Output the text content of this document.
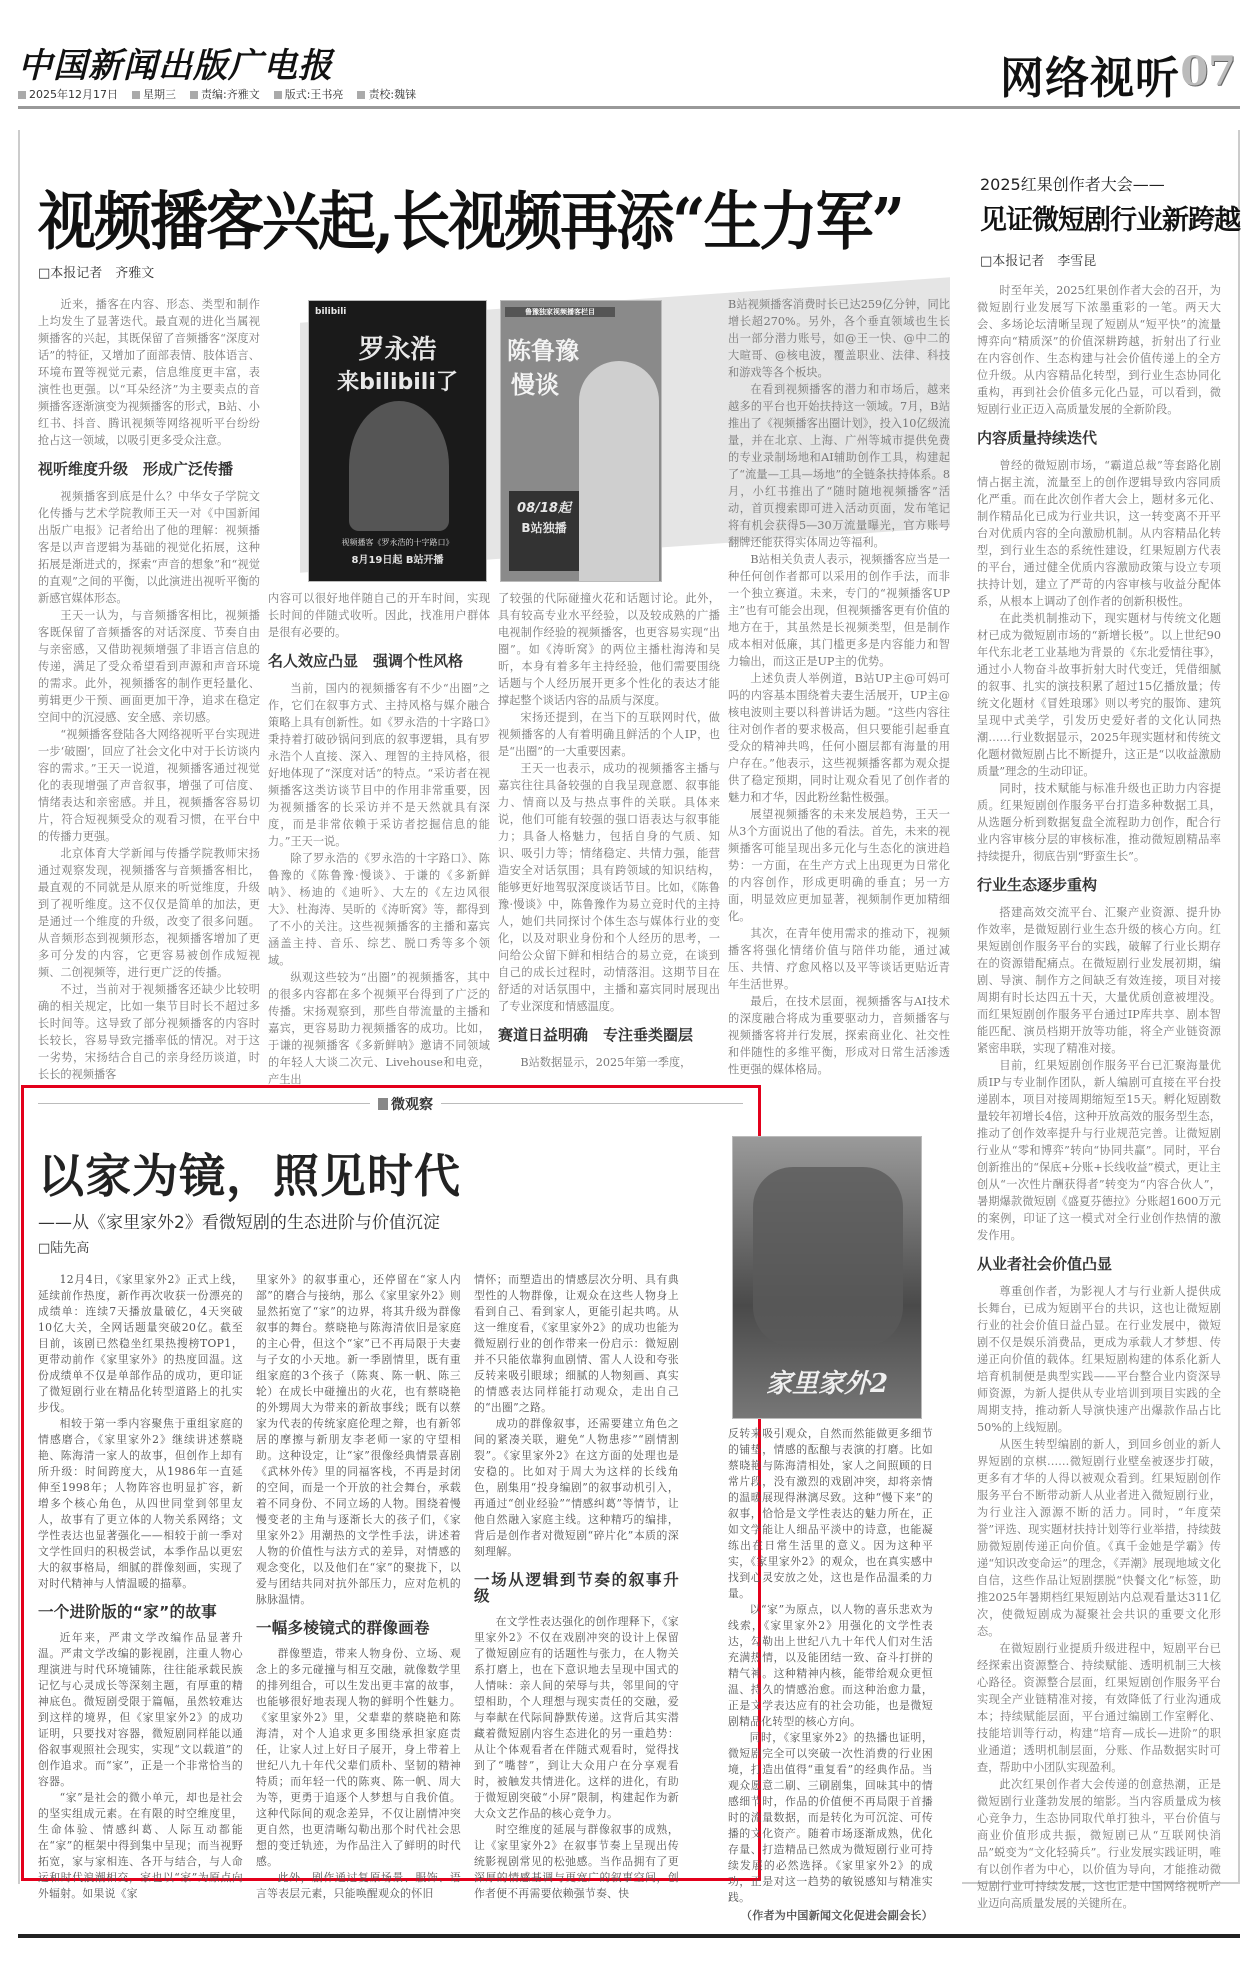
中国新闻出版广电报
2025年12月17日	星期三	责编:齐雅文	版式:王书亮	责校:魏铼	网络视听 07
视频播客兴起,长视频再添“生力军”
□ 本报记者　齐雅文
bilibili
罗永浩
来bilibili了
视频播客《罗永浩的十字路口》
8月19日起 B站开播
鲁豫独家视频播客栏目
陈鲁豫
慢谈
08/18起
B站独播

近来，播客在内容、形态、类型和制作上均发生了显著迭代。最直观的进化当属视频播客的兴起，其既保留了音频播客“深度对话”的特征，又增加了面部表情、肢体语言、环境布置等视觉元素，信息维度更丰富，表演性也更强。以“耳朵经济”为主要卖点的音频播客逐渐演变为视频播客的形式，B站、小红书、抖音、腾讯视频等网络视听平台纷纷抢占这一领域，以吸引更多受众注意。

视听维度升级　形成广泛传播

视频播客到底是什么？中华女子学院文化传播与艺术学院教师王天一对《中国新闻出版广电报》记者给出了他的理解：视频播客是以声音逻辑为基础的视觉化拓展，这种拓展是渐进式的，探索“声音的想象”和“视觉的直观”之间的平衡，以此演进出视听平衡的新感官媒体形态。

王天一认为，与音频播客相比，视频播客既保留了音频播客的对话深度、节奏自由与亲密感，又借助视频增强了非语言信息的传递，满足了受众希望看到声源和声音环境的需求。此外，视频播客的制作更轻量化、剪辑更少干预、画面更加干净，追求在稳定空间中的沉浸感、安全感、亲切感。

“视频播客登陆各大网络视听平台实现进一步‘破圈’，回应了社会文化中对于长访谈内容的需求。”王天一说道，视频播客通过视觉化的表现增强了声音叙事，增强了可信度、情绪表达和亲密感。并且，视频播客容易切片，符合短视频受众的观看习惯，在平台中的传播力更强。

北京体育大学新闻与传播学院教师宋扬通过观察发现，视频播客与音频播客相比，最直观的不同就是从原来的听觉维度，升级到了视听维度。这不仅仅是简单的加法，更是通过一个维度的升级，改变了很多问题。从音频形态到视频形态，视频播客增加了更多可分发的内容，它更容易被创作成短视频、二创视频等，进行更广泛的传播。

不过，当前对于视频播客还缺少比较明确的相关规定，比如一集节目时长不超过多长时间等。这导致了部分视频播客的内容时长较长，容易导致完播率低的情况。对于这一劣势，宋扬结合自己的亲身经历谈道，时长长的视频播客

内容可以很好地伴随自己的开车时间，实现长时间的伴随式收听。因此，找准用户群体是很有必要的。

名人效应凸显　强调个性风格

当前，国内的视频播客有不少“出圈”之作，它们在叙事方式、主持风格与媒介融合策略上具有创新性。如《罗永浩的十字路口》秉持着打破砂锅问到底的叙事逻辑，具有罗永浩个人直接、深入、理智的主持风格，很好地体现了“深度对话”的特点。“采访者在视频播客这类访谈节目中的作用非常重要，因为视频播客的长采访并不是天然就具有深度，而是非常依赖于采访者挖掘信息的能力。”王天一说。

除了罗永浩的《罗永浩的十字路口》、陈鲁豫的《陈鲁豫·慢谈》、于谦的《多新鲜呐》、杨迪的《迪听》、大左的《左边风很大》、杜海涛、吴昕的《涛昕窝》等，都得到了不小的关注。这些视频播客的主播和嘉宾涵盖主持、音乐、综艺、脱口秀等多个领域。

纵观这些较为“出圈”的视频播客，其中的很多内容都在多个视频平台得到了广泛的传播。宋扬观察到，那些自带流量的主播和嘉宾，更容易助力视频播客的成功。比如，于谦的视频播客《多新鲜呐》邀请不同领域的年轻人大谈二次元、Livehouse和电竞，产生出

了较强的代际碰撞火花和话题讨论。此外，具有较高专业水平经验，以及较成熟的广播电视制作经验的视频播客，也更容易实现“出圈”。如《涛昕窝》的两位主播杜海涛和吴昕，本身有着多年主持经验，他们需要围绕话题与个人经历展开更多个性化的表达才能撑起整个谈话内容的品质与深度。

宋扬还提到，在当下的互联网时代，做视频播客的人有着明确且鲜活的个人IP，也是“出圈”的一大重要因素。

王天一也表示，成功的视频播客主播与嘉宾往往具备较强的自我呈现意愿、叙事能力、情商以及与热点事件的关联。具体来说，他们可能有较强的强口语表达与叙事能力；具备人格魅力，包括自身的气质、知识、吸引力等；情绪稳定、共情力强，能营造安全对话氛围；具有跨领域的知识结构，能够更好地驾驭深度谈话节目。比如，《陈鲁豫·慢谈》中，陈鲁豫作为易立竞时代的主持人，她们共同探讨个体生态与媒体行业的变化，以及对职业身份和个人经历的思考，一问给公众留下鲜和相结合的易立竞，在谈到自己的成长过程时，动情落泪。这期节目在舒适的对话氛围中，主播和嘉宾同时展现出了专业深度和情感温度。

赛道日益明确　专注垂类圈层

B站数据显示，2025年第一季度，

B站视频播客消费时长已达259亿分钟，同比增长超270%。另外，各个垂直领域也生长出一部分潜力账号，如@王一快、@中二的大暄哥、@核电波，覆盖职业、法律、科技和游戏等各个板块。

在看到视频播客的潜力和市场后，越来越多的平台也开始扶持这一领域。7月，B站推出了《视频播客出圈计划》，投入10亿级流量，并在北京、上海、广州等城市提供免费的专业录制场地和AI辅助创作工具，构建起了“流量—工具—场地”的全链条扶持体系。8月，小红书推出了“随时随地视频播客”活动，首页搜索即可进入活动页面，发布笔记将有机会获得5—30万流量曝光，官方账号翻牌还能获得实体周边等福利。

B站相关负责人表示，视频播客应当是一种任何创作者都可以采用的创作手法，而非一个独立赛道。未来，专门的“视频播客UP主”也有可能会出现，但视频播客更有价值的地方在于，其虽然是长视频类型，但是制作成本相对低廉，其门槛更多是内容能力和智力输出，而这正是UP主的优势。

上述负责人举例道，B站UP主@可妈可吗的内容基本围绕着夫妻生活展开，UP主@核电波则主要以科普讲话为题。“这些内容往往对创作者的要求极高，但只要能引起垂直受众的精神共鸣，任何小圈层都有海量的用户存在。”他表示，这些视频播客都为观众提供了稳定预期，同时让观众看见了创作者的魅力和才华，因此粉丝黏性极强。

展望视频播客的未来发展趋势，王天一从3个方面说出了他的看法。首先，未来的视频播客可能呈现出多元化与生态化的演进趋势：一方面，在生产方式上出现更为日常化的内容创作，形成更明确的垂直；另一方面，明显效应更加显著，视频制作更加精细化。

其次，在青年使用需求的推动下，视频播客将强化情绪价值与陪伴功能，通过减压、共情、疗愈风格以及平等谈话更贴近青年生活世界。

最后，在技术层面，视频播客与AI技术的深度融合将成为重要驱动力，音频播客与视频播客将并行发展，探索商业化、社交性和伴随性的多维平衡，形成对日常生活渗透性更强的媒体格局。

2025红果创作者大会——
见证微短剧行业新跨越
□ 本报记者　李雪昆

时至年关，2025红果创作者大会的召开，为微短剧行业发展写下浓墨重彩的一笔。两天大会、多场论坛清晰呈现了短剧从“短平快”的流量博弈向“精质深”的价值深耕跨越，折射出了行业在内容创作、生态构建与社会价值传递上的全方位升级。从内容精品化转型，到行业生态协同化重构，再到社会价值多元化凸显，可以看到，微短剧行业正迈入高质量发展的全新阶段。

内容质量持续迭代

曾经的微短剧市场，“霸道总裁”等套路化剧情占据主流，流量至上的创作逻辑导致内容同质化严重。而在此次创作者大会上，题材多元化、制作精品化已成为行业共识，这一转变离不开平台对优质内容的全向激励机制。从内容精品化转型，到行业生态的系统性建设，红果短剧方代表的平台，通过健全优质内容激励政策与设立专项扶持计划，建立了严苛的内容审核与收益分配体系，从根本上调动了创作者的创新积极性。

在此类机制推动下，现实题材与传统文化题材已成为微短剧市场的“新增长极”。以上世纪90年代东北老工业基地为背景的《东北爱情往事》，通过小人物奋斗故事折射大时代变迁，凭借细腻的叙事、扎实的演技积累了超过15亿播放量；传统文化题材《冒姓琅琊》则以考究的服饰、建筑呈现中式美学，引发历史爱好者的文化认同热潮……行业数据显示，2025年现实题材和传统文化题材微短剧占比不断提升，这正是“以收益激励质量”理念的生动印证。

同时，技术赋能与标准升级也正助力内容提质。红果短剧创作服务平台打造多种数据工具，从选题分析到数据复盘全流程助力创作，配合行业内容审核分层的审核标准，推动微短剧精品率持续提升，彻底告别“野蛮生长”。

行业生态逐步重构

搭建高效交流平台、汇聚产业资源、提升协作效率，是微短剧行业生态升级的核心方向。红果短剧创作服务平台的实践，破解了行业长期存在的资源错配痛点。在微短剧行业发展初期，编剧、导演、制作方之间缺乏有效连接，项目对接周期有时长达四五十天，大量优质创意被埋没。而红果短剧创作服务平台通过IP库共享、剧本智能匹配、演员档期开放等功能，将全产业链资源紧密串联，实现了精准对接。

目前，红果短剧创作服务平台已汇聚海量优质IP与专业制作团队，新人编剧可直接在平台投递剧本，项目对接周期缩短至15天。孵化短剧数量较年初增长4倍，这种开放高效的服务型生态，推动了创作效率提升与行业规范完善。让微短剧行业从“零和博弈”转向“协同共赢”。同时，平台创新推出的“保底+分账+长线收益”模式，更让主创从“一次性片酬获得者”转变为“内容合伙人”，暑期爆款微短剧《盛夏芬德拉》分账超1600万元的案例，印证了这一模式对全行业创作热情的激发作用。

从业者社会价值凸显

尊重创作者，为影视人才与行业新人提供成长舞台，已成为短剧平台的共识，这也让微短剧行业的社会价值日益凸显。在行业发展中，微短剧不仅是娱乐消费品，更成为承载人才梦想、传递正向价值的载体。红果短剧构建的体系化新人培育机制便是典型实践——平台整合业内资深导师资源，为新人提供从专业培训到项目实践的全周期支持，推动新人导演快速产出爆款作品占比50%的上线短剧。

从医生转型编剧的新人，到回乡创业的新人界短剧的京棋……微短剧行业壁垒被逐步打破，更多有才华的人得以被观众看到。红果短剧创作服务平台不断带动新人从业者进入微短剧行业，为行业注入源源不断的活力。同时，“年度荣誉”评选、现实题材扶持计划等行业举措，持续鼓励微短剧传递正向价值。《真千金她是学霸》传递“知识改变命运”的理念，《弄潮》展现地域文化自信，这些作品让短剧摆脱“快餐文化”标签，助推2025年暑期档红果短剧站内总观看量达311亿次，使微短剧成为凝聚社会共识的重要文化形态。

在微短剧行业提质升级进程中，短剧平台已经探索出资源整合、持续赋能、透明机制三大核心路径。资源整合层面，红果短剧创作服务平台实现全产业链精准对接，有效降低了行业沟通成本；持续赋能层面，平台通过编剧工作室孵化、技能培训等行动，构建“培育—成长—进阶”的职业通道；透明机制层面，分账、作品数据实时可查，帮助中小团队实现盈利。

此次红果创作者大会传递的创意热潮，正是微短剧行业蓬勃发展的缩影。当内容质量成为核心竞争力，生态协同取代单打独斗，平台价值与商业价值形成共振，微短剧已从“互联网快消品”蜕变为“文化轻骑兵”。行业发展实践证明，唯有以创作者为中心，以价值为导向，才能推动微短剧行业可持续发展，这也正是中国网络视听产业迈向高质量发展的关键所在。

微观察
以家为镜，照见时代
——从《家里家外2》看微短剧的生态进阶与价值沉淀
□ 陆先高
家里家外2

12月4日，《家里家外2》正式上线，延续前作热度，新作再次收获一份漂亮的成绩单：连续7天播放量破亿，4天突破10亿大关，全网话题量突破20亿。截至目前，该剧已然稳坐红果热搜榜TOP1，更带动前作《家里家外》的热度回温。这份成绩单不仅是单部作品的成功，更印证了微短剧行业在精品化转型道路上的扎实步伐。

相较于第一季内容聚焦于重组家庭的情感磨合，《家里家外2》继续讲述蔡晓艳、陈海清一家人的故事，但创作上却有所升级：时间跨度大，从1986年一直延伸至1998年；人物阵容也明显扩容，新增多个核心角色，从四世同堂到邻里友人，故事有了更立体的人物关系网络；文学性表达也显著强化——相较于前一季对文学性回归的积极尝试，本季作品以更宏大的叙事格局，细腻的群像刻画，实现了对时代精神与人情温暖的描摹。

一个进阶版的“家”的故事

近年来，严肃文学改编作品显著升温。严肃文学改编的影视剧，注重人物心理演进与时代环境铺陈，往往能承载民族记忆与心灵成长等深刻主题，有厚重的精神底色。微短剧受限于篇幅，虽然较难达到这样的境界，但《家里家外2》的成功证明，只要找对容器，微短剧同样能以通俗叙事观照社会现实，实现“文以载道”的创作追求。而“家”，正是一个非常恰当的容器。

“家”是社会的微小单元，却也是社会的坚实组成元素。在有限的时空维度里，生命体验、情感纠葛、人际互动都能在“家”的框架中得到集中呈现；而当视野拓宽，家与家相连、各开与结合，与人命运和时代浪潮相交，家也以“家”为原点向外辐射。如果说《家

里家外》的叙事重心，还停留在“家人内部”的磨合与接纳，那么《家里家外2》则显然拓宽了“家”的边界，将其升级为群像叙事的舞台。蔡晓艳与陈海清依旧是家庭的主心骨，但这个“家”已不再局限于夫妻与子女的小天地。新一季剧情里，既有重组家庭的3个孩子（陈爽、陈一帆、陈三轮）在成长中碰撞出的火花，也有蔡晓艳的外甥周大为带来的新故事线；既有以蔡家为代表的传统家庭伦理之辩，也有新邻居的摩擦与新朋友李老师一家的守望相助。这种设定，让“家”很像经典情景喜剧《武林外传》里的同福客栈，不再是封闭的空间，而是一个开放的社会舞台，承载着不同身份、不同立场的人物。围绕着慢慢变老的主角与逐渐长大的孩子们，《家里家外2》用潮热的文学性手法，讲述着人物的价值性与法方式的差异，对情感的观念变化，以及他们在“家”的聚拢下，以爱与团结共同对抗外部压力，应对危机的脉脉温情。

一幅多棱镜式的群像画卷

群像塑造，带来人物身份、立场、观念上的多元碰撞与相互交融，就像数学里的排列组合，可以生发出更丰富的故事，也能够很好地表现人物的鲜明个性魅力。《家里家外2》里，父辈辈的蔡晓艳和陈海清，对个人追求更多围绕承担家庭责任，让家人过上好日子展开，身上带着上世纪八九十年代父辈们质朴、坚韧的精神特质；而年轻一代的陈爽、陈一帆、周大为等，更勇于追逐个人梦想与自我价值。这种代际间的观念差异，不仅让剧情冲突更自然，也更清晰勾勒出那个时代社会思想的变迁轨迹，为作品注入了鲜明的时代感。

此外，剧作通过复原场景、服饰、语言等表层元素，只能唤醒观众的怀旧

情怀；而塑造出的情感层次分明、具有典型性的人物群像，让观众在这些人物身上看到自己、看到家人，更能引起共鸣。从这一维度看，《家里家外2》的成功也能为微短剧行业的创作带来一份启示：微短剧并不只能依靠狗血剧情、雷人人设和夸张反转来吸引眼球；细腻的人物刻画、真实的情感表达同样能打动观众，走出自己的“出圈”之路。

成功的群像叙事，还需要建立角色之间的紧凑关联，避免“人物患疹”“剧情割裂”。《家里家外2》在这方面的处理也是安稳的。比如对于周大为这样的长线角色，剧集用“投身编剧”的叙事动机引入，再通过“创业经验”“情感纠葛”等情节，让他自然融入家庭主线。这种精巧的编排，背后是创作者对微短剧“碎片化”本质的深刻理解。

一场从逻辑到节奏的叙事升级

在文学性表达强化的创作理释下，《家里家外2》不仅在戏剧冲突的设计上保留了微短剧应有的话题性与张力，在人物关系打磨上，也在下意识地去呈现中国式的人情味：亲人间的荣辱与共，邻里间的守望相助，个人理想与现实责任的交融，爱与奉献在代际间静默传递。这背后其实潜藏着微短剧内容生态进化的另一重趋势：从让个体观看者在伴随式观看时，觉得找到了“嘴替”，到让大众用户在分享观看时，被触发共情进化。这样的进化，有助于微短剧突破“小屏”限制，构建起作为新大众文艺作品的核心竞争力。

时空维度的延展与群像叙事的成熟，让《家里家外2》在叙事节奏上呈现出传统影视剧常见的松弛感。当作品拥有了更深厚的情感基调与更宽广的叙事空间，创作者便不再需要依赖强节奏、快

反转来吸引观众，自然而然能做更多细节的铺垫，情感的酝酿与表演的打磨。比如蔡晓艳与陈海清相处，家人之间照顾的日常片段，没有激烈的戏剧冲突，却将亲情的温暖展现得淋漓尽致。这种“慢下来”的叙事，恰恰是文学性表达的魅力所在，正如文学能让人细品平淡中的诗意，也能凝练出在日常生活里的意义。因为这种平实，《家里家外2》的观众，也在真实感中找到心灵安放之处，这也是作品温柔的力量。

以“家”为原点，以人物的喜乐悲欢为线索，《家里家外2》用强化的文学性表达，勾勒出上世纪八九十年代人们对生活充满热情，以及能团结一致、奋斗打拼的精气神。这种精神内核，能带给观众更恒温、持久的情感治愈。而这种治愈力量，正是文学表达应有的社会功能，也是微短剧精品化转型的核心方向。

同时，《家里家外2》的热播也证明，微短剧完全可以突破一次性消费的行业困境，打造出值得“重复看”的经典作品。当观众愿意二刷、三刷剧集，回味其中的情感细节时，作品的价值便不再局限于首播时的流量数据，而是转化为可沉淀、可传播的文化资产。随着市场逐渐成熟，优化存量、打造精品已然成为微短剧行业可持续发展的必然选择。《家里家外2》的成功，正是对这一趋势的敏锐感知与精准实践。

（作者为中国新闻文化促进会副会长）
